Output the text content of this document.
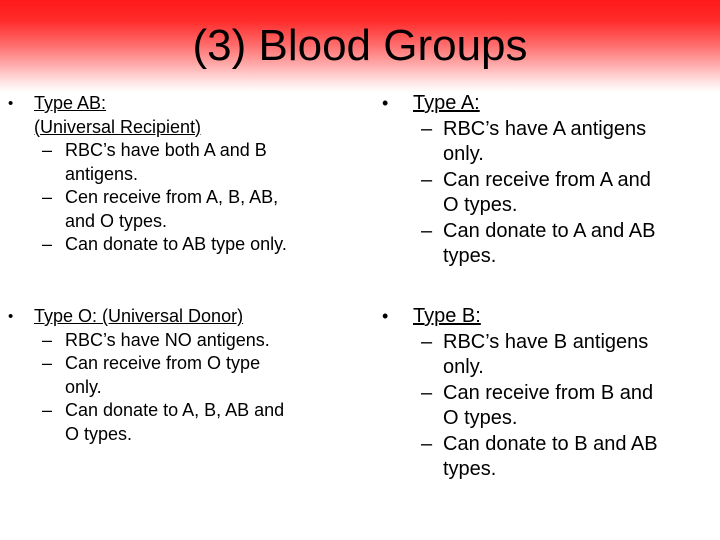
(3) Blood Groups
• Type AB:
(Universal Recipient)
– RBC’s have both A and B
antigens.
– Cen receive from A, B, AB,
and O types.
– Can donate to AB type only.
• Type O: (Universal Donor)
– RBC’s have NO antigens.
– Can receive from O type
only.
– Can donate to A, B, AB and
O types.
• Type A:
– RBC’s have A antigens
only.
– Can receive from A and
O types.
– Can donate to A and AB
types.
• Type B:
– RBC’s have B antigens
only.
– Can receive from B and
O types.
– Can donate to B and AB
types.
